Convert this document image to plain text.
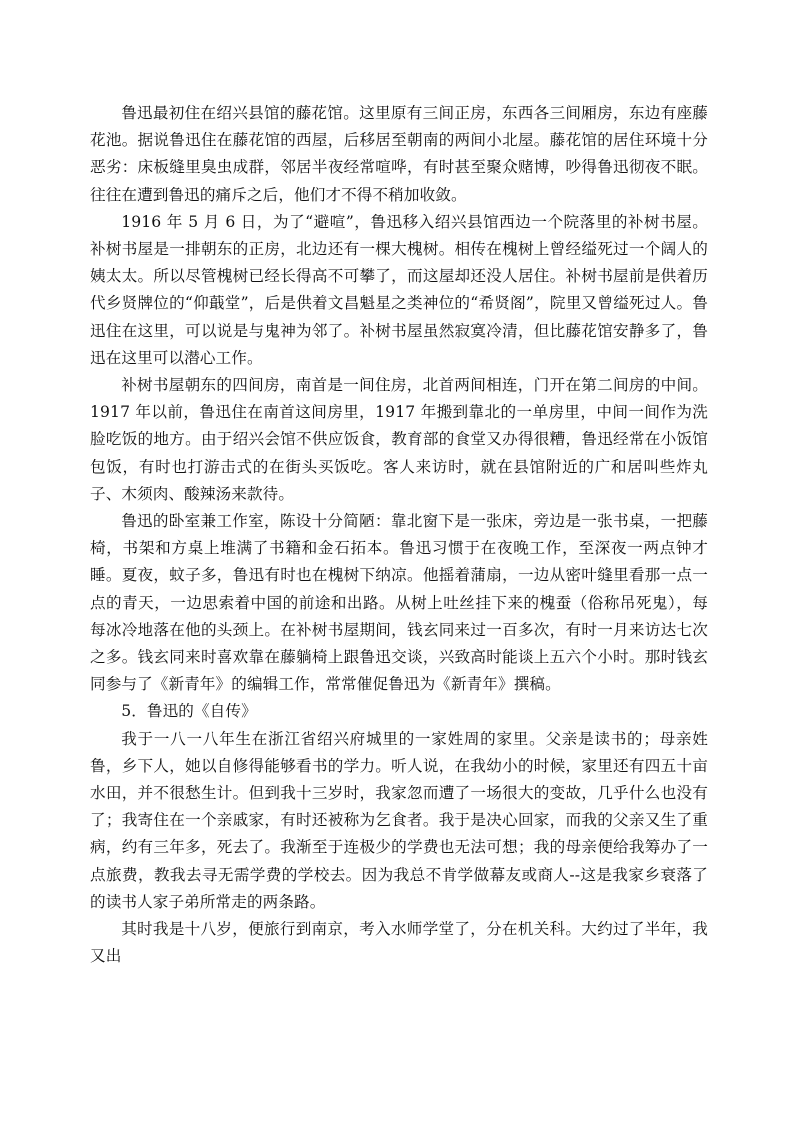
鲁迅最初住在绍兴县馆的藤花馆。这里原有三间正房，东西各三间厢房，东边有座藤花池。据说鲁迅住在藤花馆的西屋，后移居至朝南的两间小北屋。藤花馆的居住环境十分恶劣：床板缝里臭虫成群，邻居半夜经常喧哗，有时甚至聚众赌博，吵得鲁迅彻夜不眠。往往在遭到鲁迅的痛斥之后，他们才不得不稍加收敛。

1916 年 5 月 6 日，为了“避喧”，鲁迅移入绍兴县馆西边一个院落里的补树书屋。补树书屋是一排朝东的正房，北边还有一棵大槐树。相传在槐树上曾经缢死过一个阔人的姨太太。所以尽管槐树已经长得高不可攀了，而这屋却还没人居住。补树书屋前是供着历代乡贤牌位的“仰蕺堂”，后是供着文昌魁星之类神位的“希贤阁”，院里又曾缢死过人。鲁迅住在这里，可以说是与鬼神为邻了。补树书屋虽然寂寞冷清，但比藤花馆安静多了，鲁迅在这里可以潜心工作。

补树书屋朝东的四间房，南首是一间住房，北首两间相连，门开在第二间房的中间。1917 年以前，鲁迅住在南首这间房里，1917 年搬到靠北的一单房里，中间一间作为洗脸吃饭的地方。由于绍兴会馆不供应饭食，教育部的食堂又办得很糟，鲁迅经常在小饭馆包饭，有时也打游击式的在街头买饭吃。客人来访时，就在县馆附近的广和居叫些炸丸子、木须肉、酸辣汤来款待。

鲁迅的卧室兼工作室，陈设十分简陋：靠北窗下是一张床，旁边是一张书桌，一把藤椅，书架和方桌上堆满了书籍和金石拓本。鲁迅习惯于在夜晚工作，至深夜一两点钟才睡。夏夜，蚊子多，鲁迅有时也在槐树下纳凉。他摇着蒲扇，一边从密叶缝里看那一点一点的青天，一边思索着中国的前途和出路。从树上吐丝挂下来的槐蚕（俗称吊死鬼），每每冰冷地落在他的头颈上。在补树书屋期间，钱玄同来过一百多次，有时一月来访达七次之多。钱玄同来时喜欢靠在藤躺椅上跟鲁迅交谈，兴致高时能谈上五六个小时。那时钱玄同参与了《新青年》的编辑工作，常常催促鲁迅为《新青年》撰稿。

5．鲁迅的《自传》

我于一八一八年生在浙江省绍兴府城里的一家姓周的家里。父亲是读书的；母亲姓鲁，乡下人，她以自修得能够看书的学力。听人说，在我幼小的时候，家里还有四五十亩水田，并不很愁生计。但到我十三岁时，我家忽而遭了一场很大的变故，几乎什么也没有了；我寄住在一个亲戚家，有时还被称为乞食者。我于是决心回家，而我的父亲又生了重病，约有三年多，死去了。我渐至于连极少的学费也无法可想；我的母亲便给我筹办了一点旅费，教我去寻无需学费的学校去。因为我总不肯学做幕友或商人--这是我家乡衰落了的读书人家子弟所常走的两条路。

其时我是十八岁，便旅行到南京，考入水师学堂了，分在机关科。大约过了半年，我又出
